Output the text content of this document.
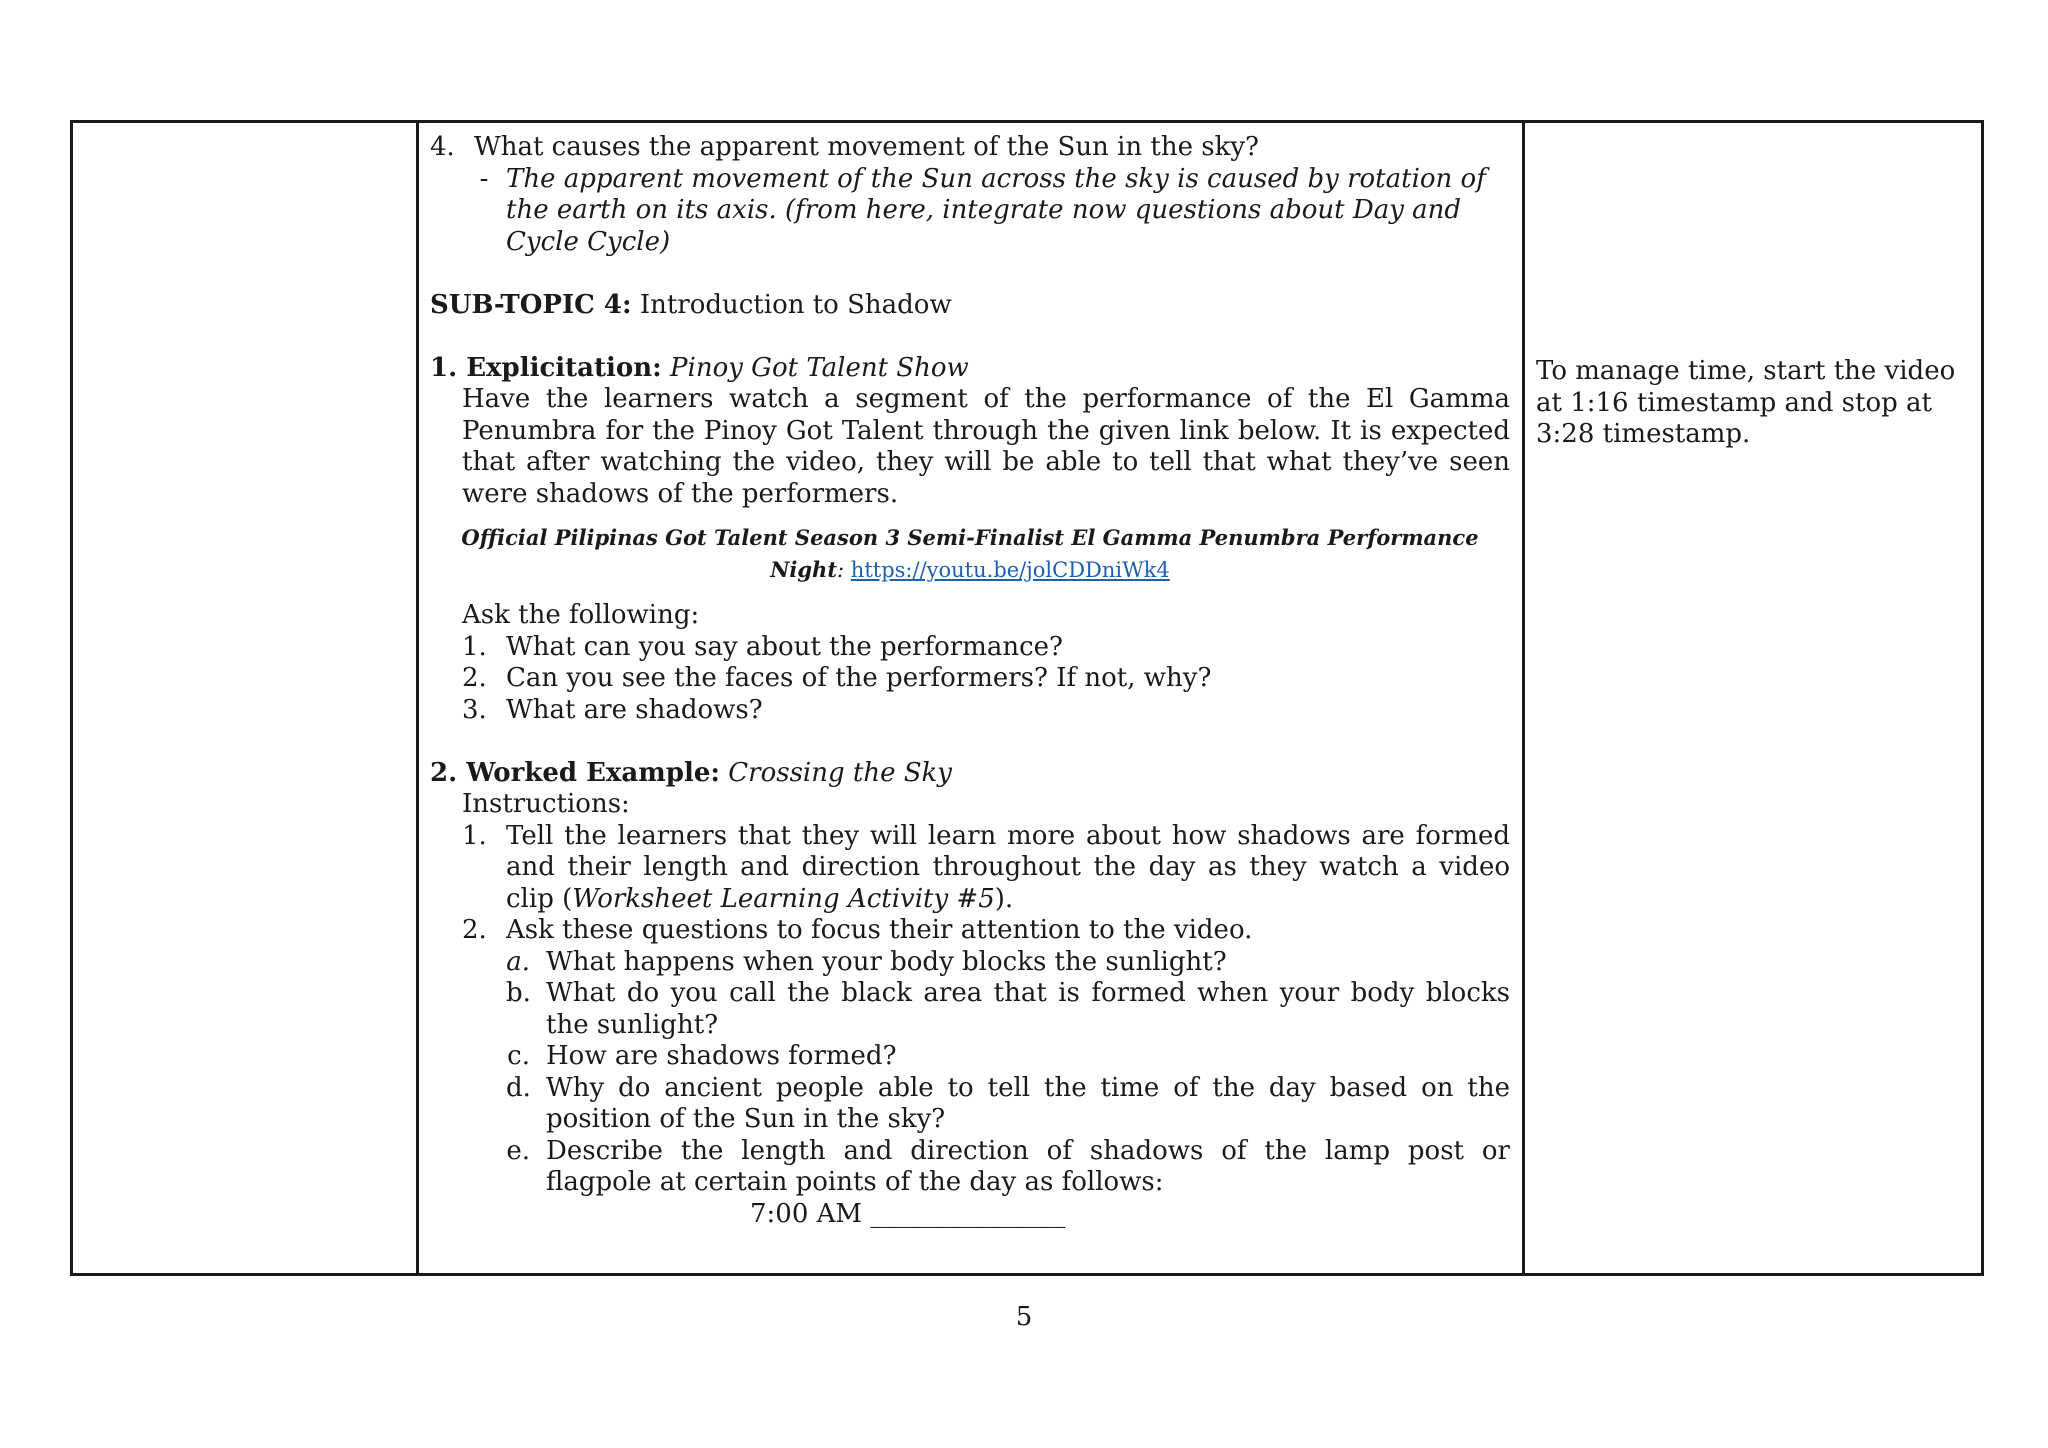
4. What causes the apparent movement of the Sun in the sky?
- The apparent movement of the Sun across the sky is caused by rotation of the earth on its axis. (from here, integrate now questions about Day and Cycle Cycle)
SUB-TOPIC 4: Introduction to Shadow
1. Explicitation: Pinoy Got Talent Show
Have the learners watch a segment of the performance of the El Gamma Penumbra for the Pinoy Got Talent through the given link below. It is expected that after watching the video, they will be able to tell that what they’ve seen were shadows of the performers.
Official Pilipinas Got Talent Season 3 Semi-Finalist El Gamma Penumbra Performance
Night: https://youtu.be/jolCDDniWk4
Ask the following:
1. What can you say about the performance?
2. Can you see the faces of the performers? If not, why?
3. What are shadows?
2. Worked Example: Crossing the Sky
Instructions:
1. Tell the learners that they will learn more about how shadows are formed and their length and direction throughout the day as they watch a video clip (Worksheet Learning Activity #5).
2. Ask these questions to focus their attention to the video.
a. What happens when your body blocks the sunlight?
b. What do you call the black area that is formed when your body blocks the sunlight?
c. How are shadows formed?
d. Why do ancient people able to tell the time of the day based on the position of the Sun in the sky?
e. Describe the length and direction of shadows of the lamp post or flagpole at certain points of the day as follows:
7:00 AM _______________
To manage time, start the video at 1:16 timestamp and stop at 3:28 timestamp.
5
